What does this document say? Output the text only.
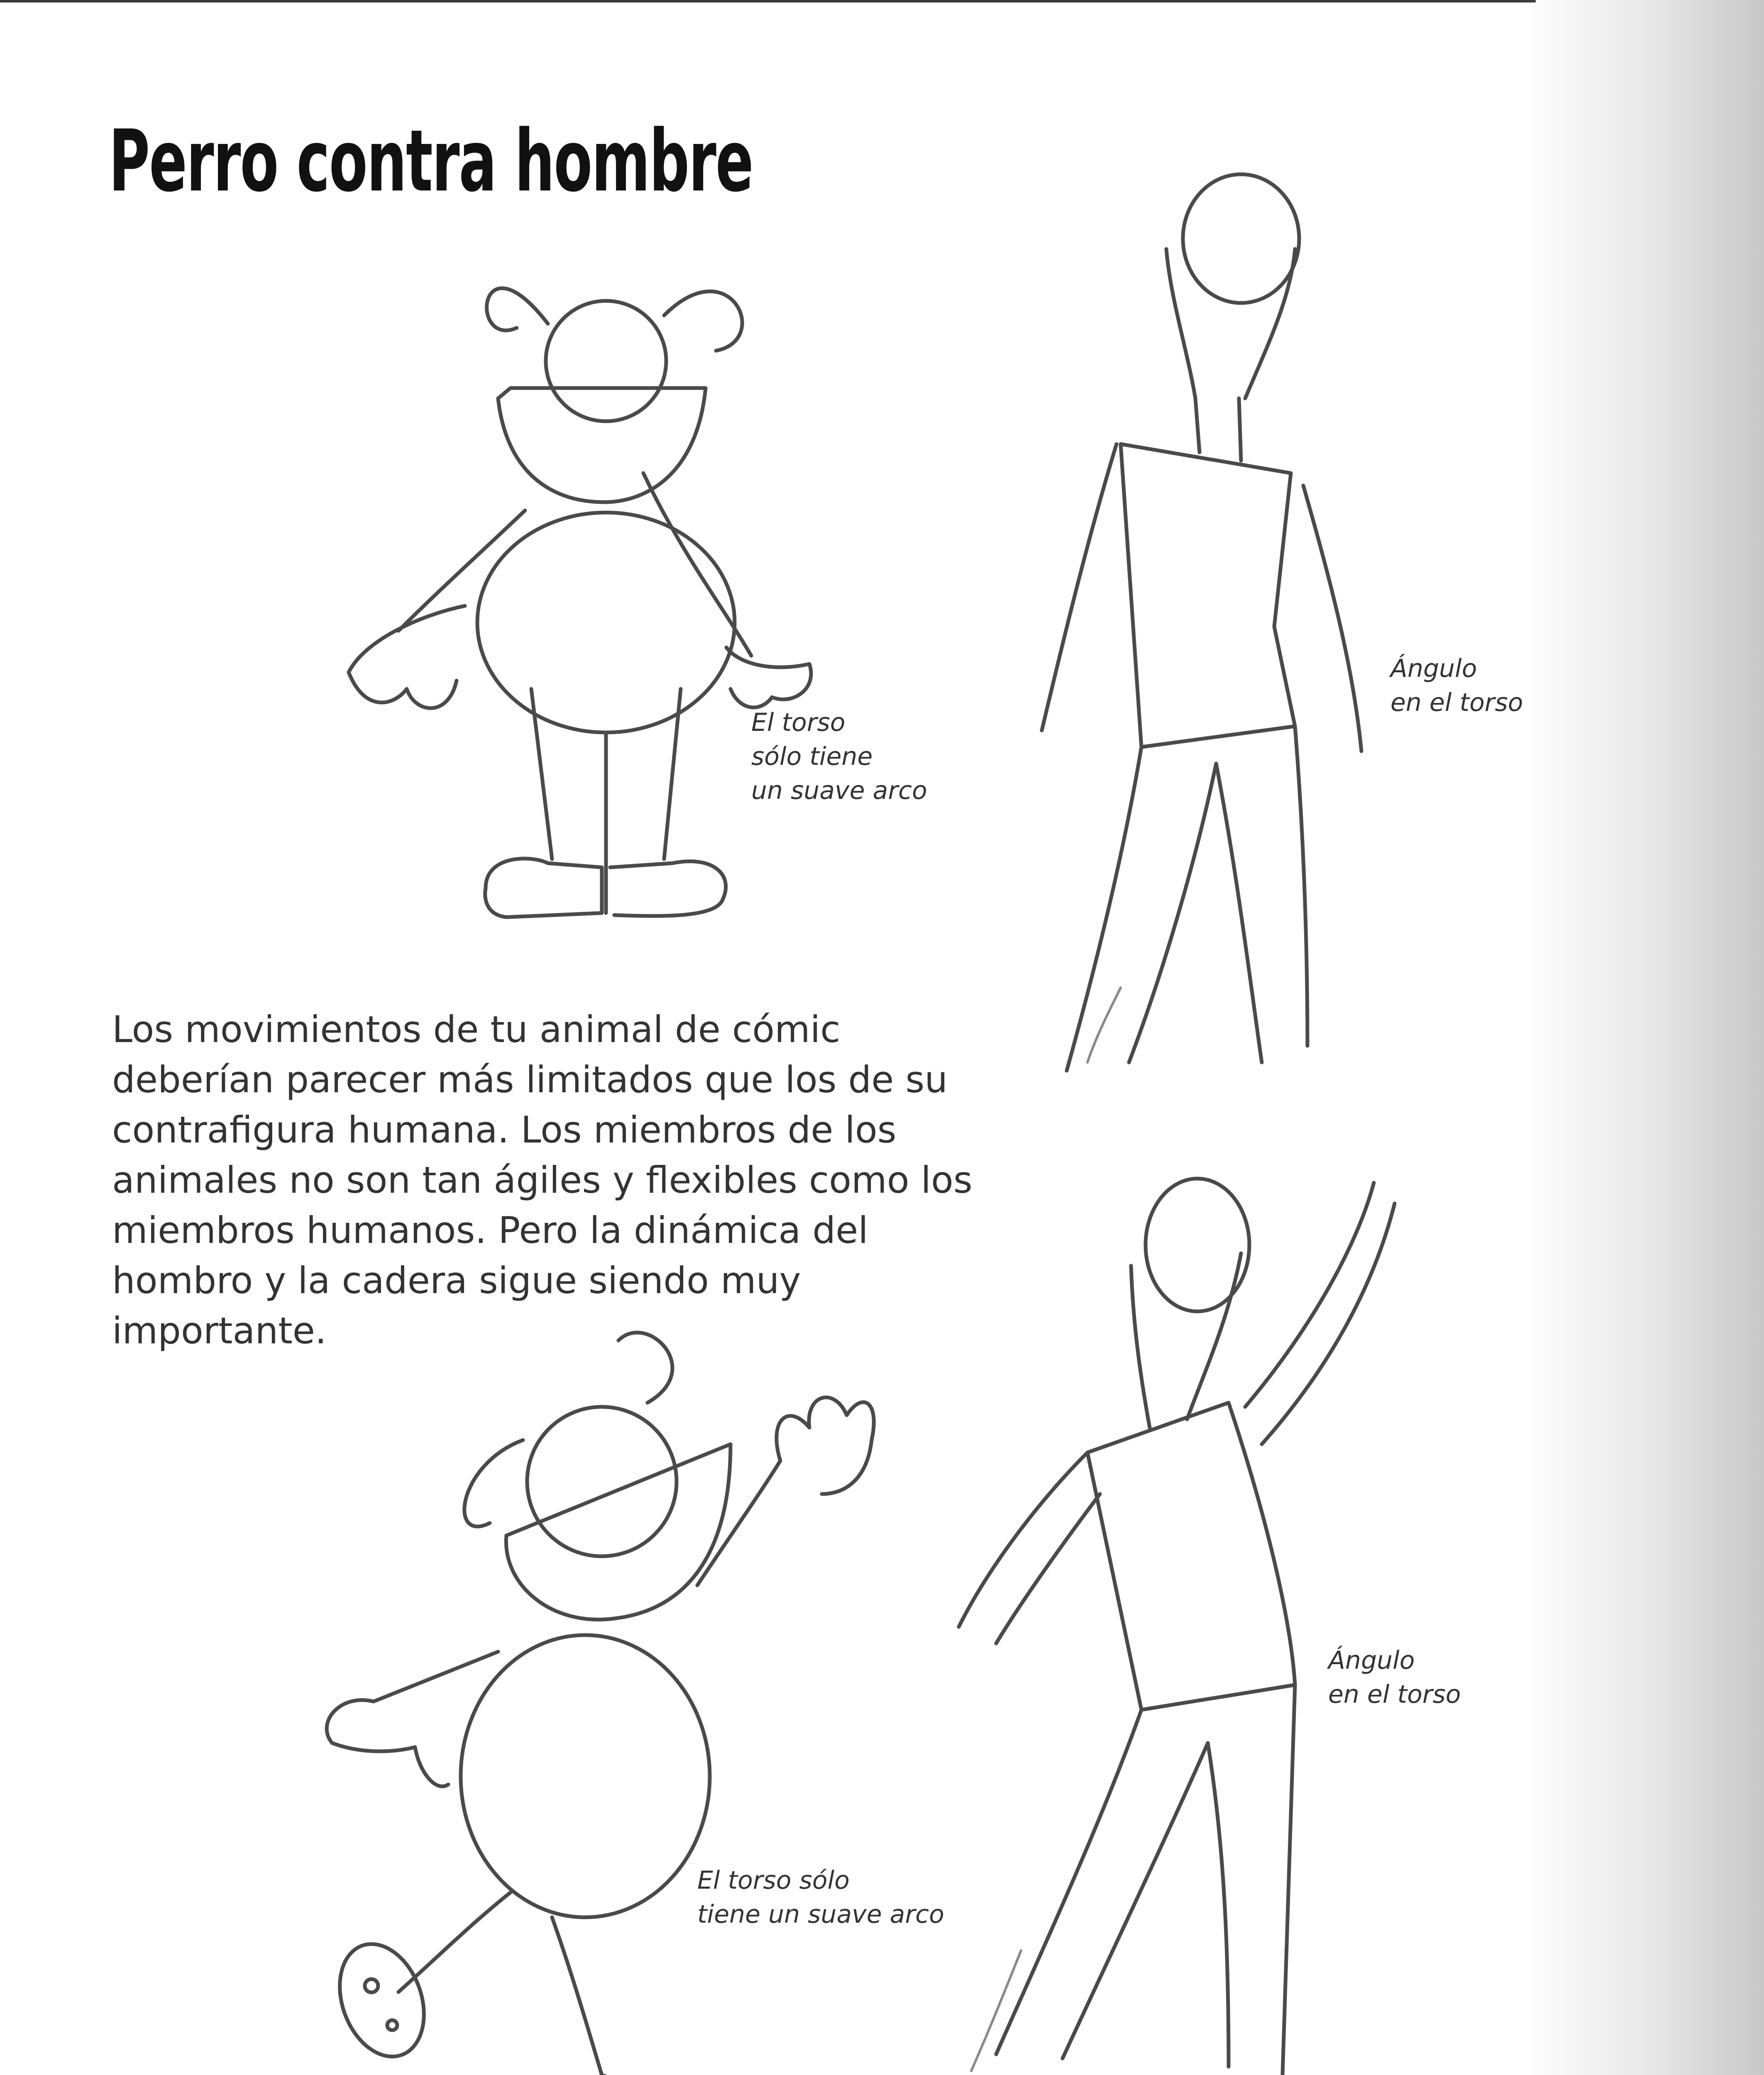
Perro contra hombre

Los movimientos de tu animal de cómic
deberían parecer más limitados que los de su
contrafigura humana. Los miembros de los
animales no son tan ágiles y flexibles como los
miembros humanos. Pero la dinámica del
hombro y la cadera sigue siendo muy
importante.

El torso
sólo tiene
un suave arco

Ángulo
en el torso

Ángulo
en el torso

El torso sólo
tiene un suave arco
